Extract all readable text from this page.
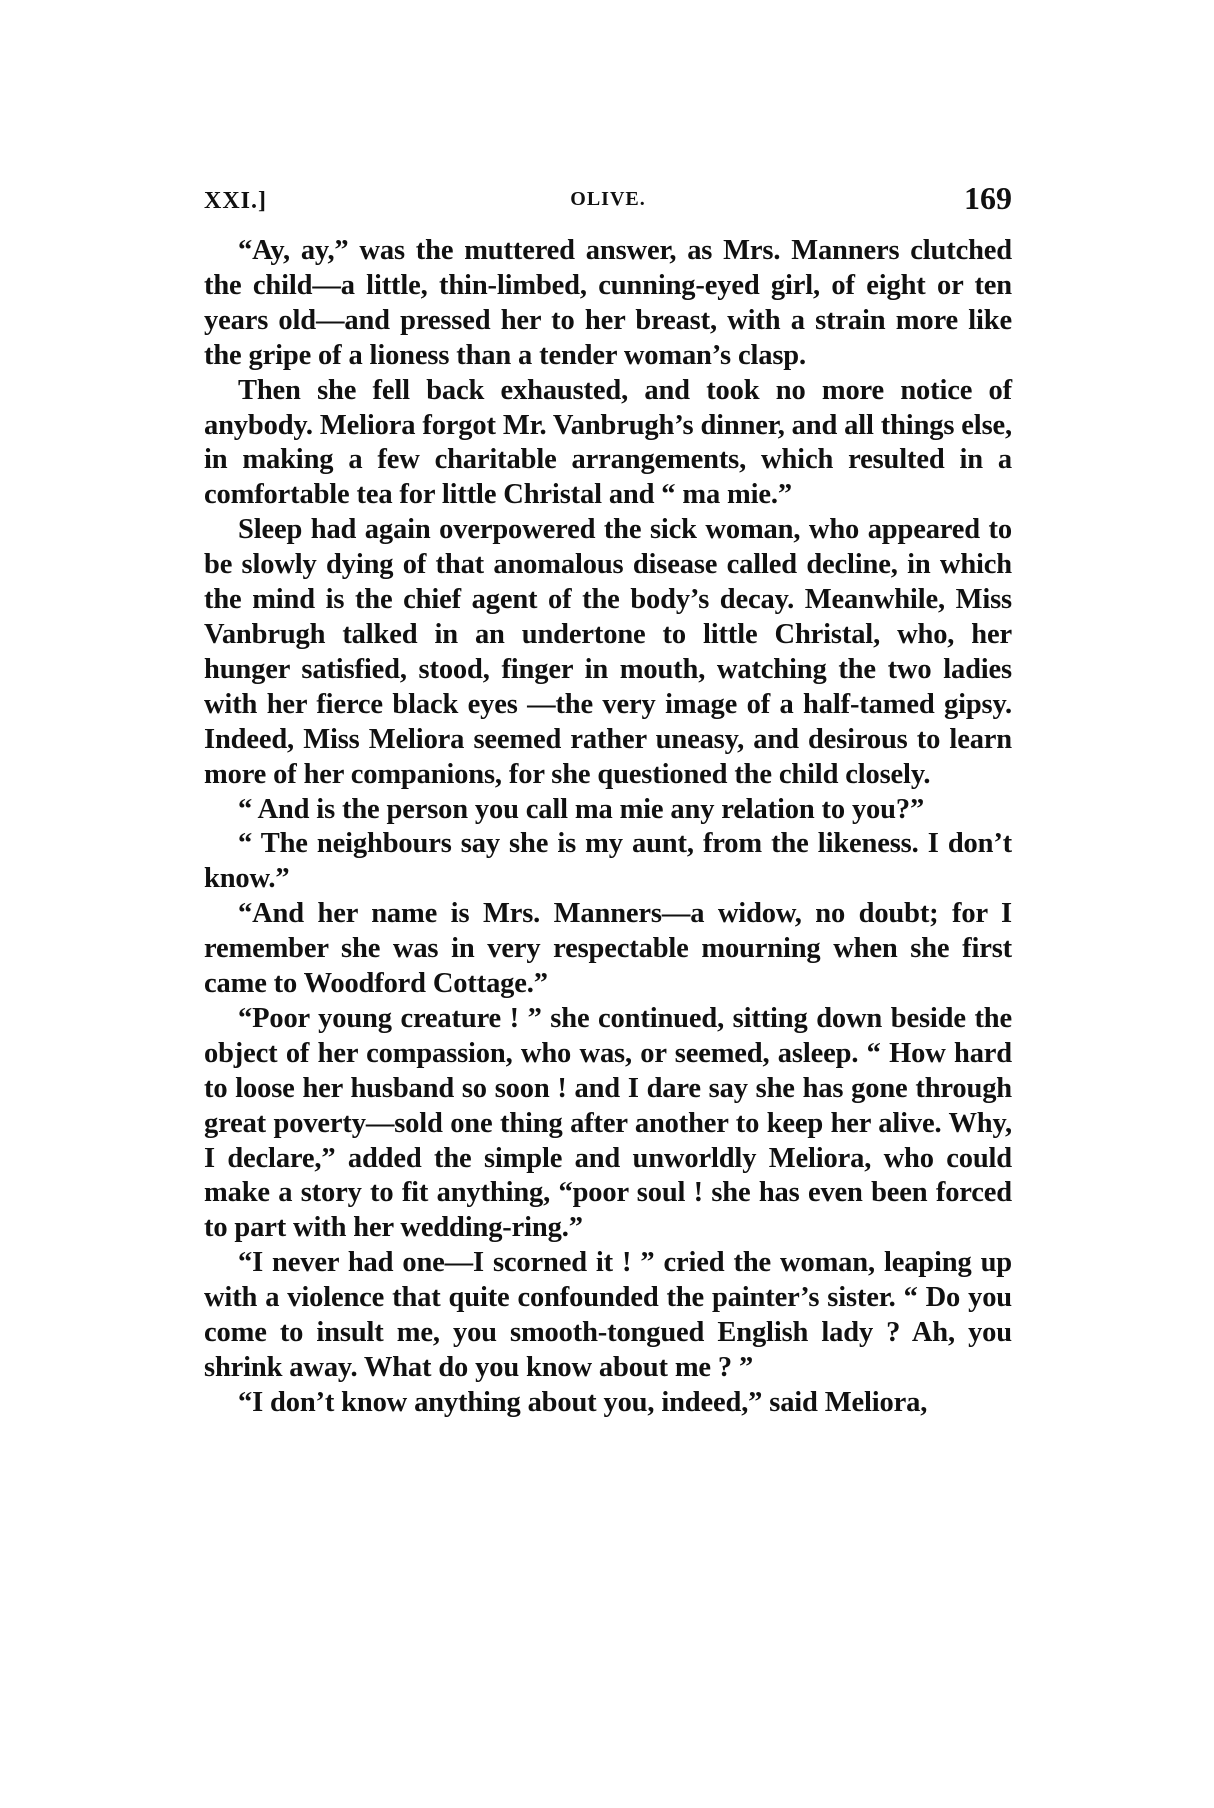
XXI.]	OLIVE.	169

“Ay, ay,” was the muttered answer, as Mrs. Manners clutched the child—a little, thin-limbed, cunning-eyed girl, of eight or ten years old—and pressed her to her breast, with a strain more like the gripe of a lioness than a tender woman’s clasp.

Then she fell back exhausted, and took no more notice of anybody. Meliora forgot Mr. Vanbrugh’s dinner, and all things else, in making a few charitable arrangements, which resulted in a comfortable tea for little Christal and “ ma mie.”

Sleep had again overpowered the sick woman, who appeared to be slowly dying of that anomalous disease called decline, in which the mind is the chief agent of the body’s decay. Meanwhile, Miss Vanbrugh talked in an undertone to little Christal, who, her hunger satisfied, stood, finger in mouth, watching the two ladies with her fierce black eyes —the very image of a half-tamed gipsy. Indeed, Miss Meliora seemed rather uneasy, and desirous to learn more of her companions, for she questioned the child closely.

“ And is the person you call ma mie any relation to you?”

“ The neighbours say she is my aunt, from the likeness. I don’t know.”

“And her name is Mrs. Manners—a widow, no doubt; for I remember she was in very respectable mourning when she first came to Woodford Cottage.”

“Poor young creature ! ” she continued, sitting down beside the object of her compassion, who was, or seemed, asleep. “ How hard to loose her husband so soon ! and I dare say she has gone through great poverty—sold one thing after another to keep her alive. Why, I declare,” added the simple and unworldly Meliora, who could make a story to fit anything, “poor soul ! she has even been forced to part with her wedding-ring.”

“I never had one—I scorned it ! ” cried the woman, leaping up with a violence that quite confounded the painter’s sister. “ Do you come to insult me, you smooth-tongued English lady ? Ah, you shrink away. What do you know about me ? ”

“I don’t know anything about you, indeed,” said Meliora,
